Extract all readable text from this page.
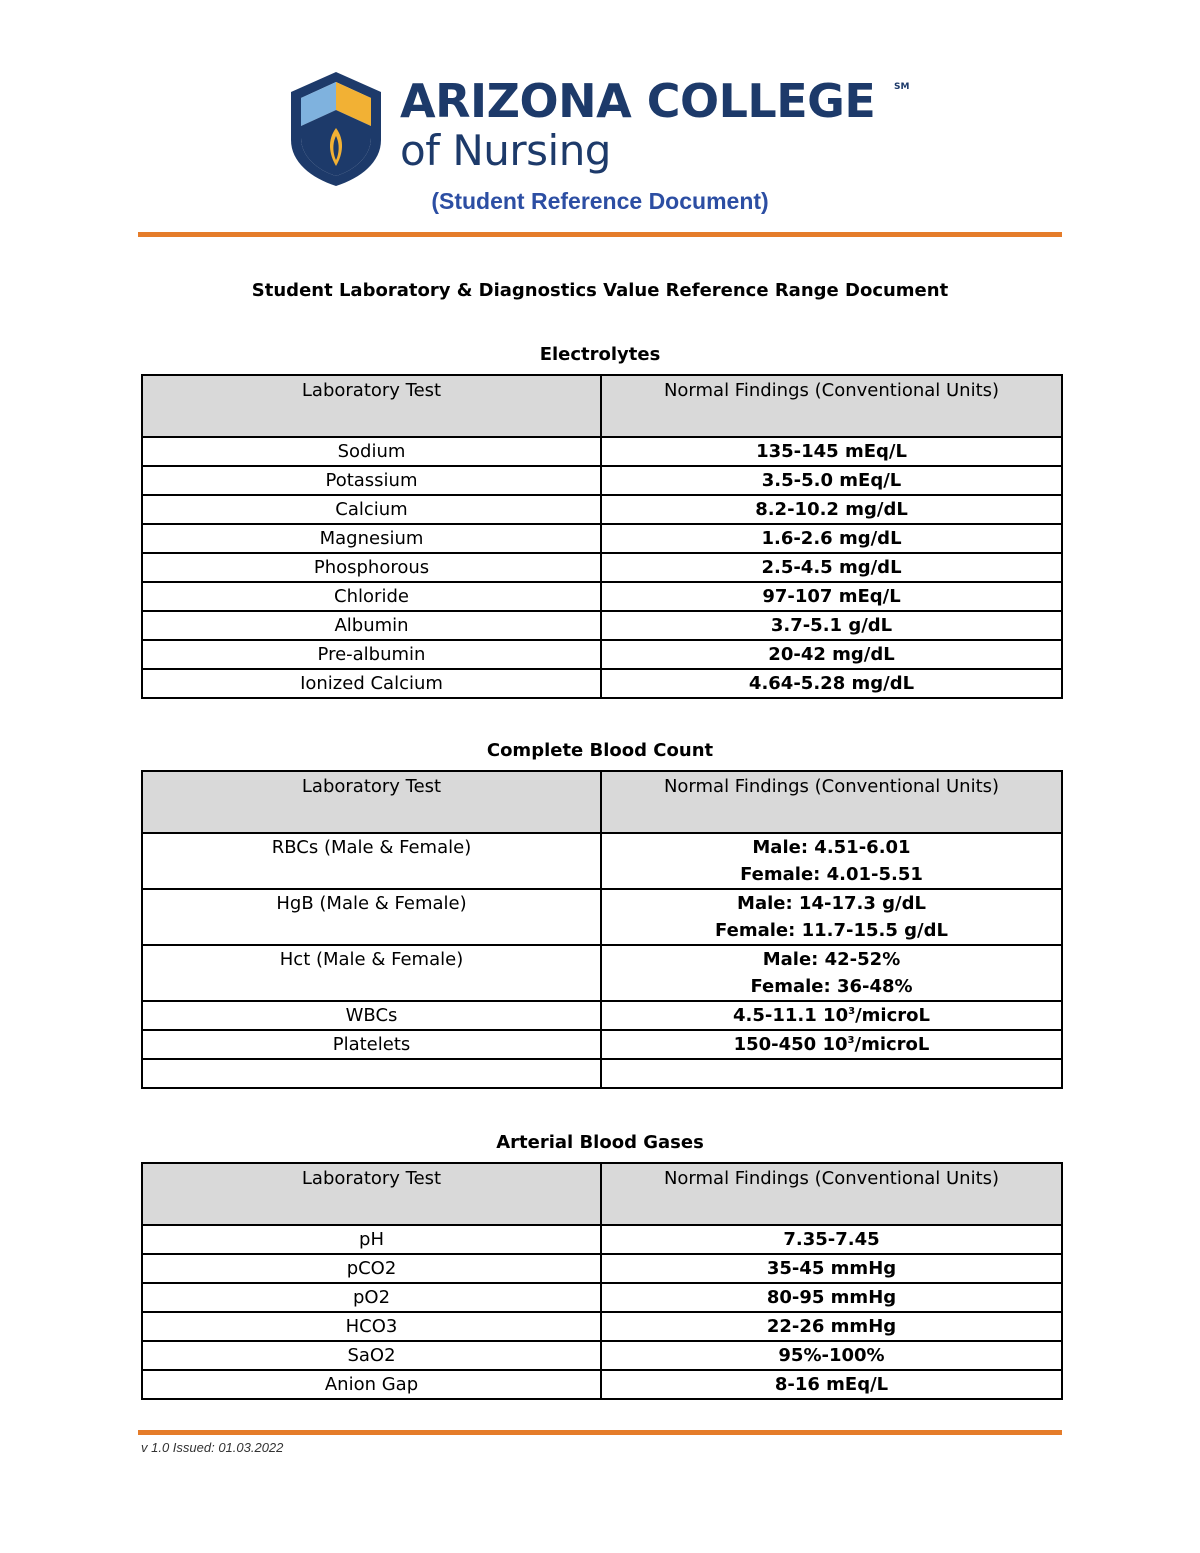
ARIZONA COLLEGE SM
of Nursing
(Student Reference Document)
Student Laboratory & Diagnostics Value Reference Range Document
Electrolytes
Laboratory Test	Normal Findings (Conventional Units)
Sodium	135-145 mEq/L
Potassium	3.5-5.0 mEq/L
Calcium	8.2-10.2 mg/dL
Magnesium	1.6-2.6 mg/dL
Phosphorous	2.5-4.5 mg/dL
Chloride	97-107 mEq/L
Albumin	3.7-5.1 g/dL
Pre-albumin	20-42 mg/dL
Ionized Calcium	4.64-5.28 mg/dL
Complete Blood Count
Laboratory Test	Normal Findings (Conventional Units)
RBCs (Male & Female)	Male: 4.51-6.01
Female: 4.01-5.51

HgB (Male & Female)	Male: 14-17.3 g/dL
Female: 11.7-15.5 g/dL

Hct (Male & Female)	Male: 42-52%
Female: 36-48%

WBCs	4.5-11.1 $10^3$/microL
Platelets	150-450 $10^3$/microL

Arterial Blood Gases
Laboratory Test	Normal Findings (Conventional Units)
pH	7.35-7.45
pCO2	35-45 mmHg
pO2	80-95 mmHg
HCO3	22-26 mmHg
SaO2	95%-100%
Anion Gap	8-16 mEq/L
v 1.0 Issued: 01.03.2022
